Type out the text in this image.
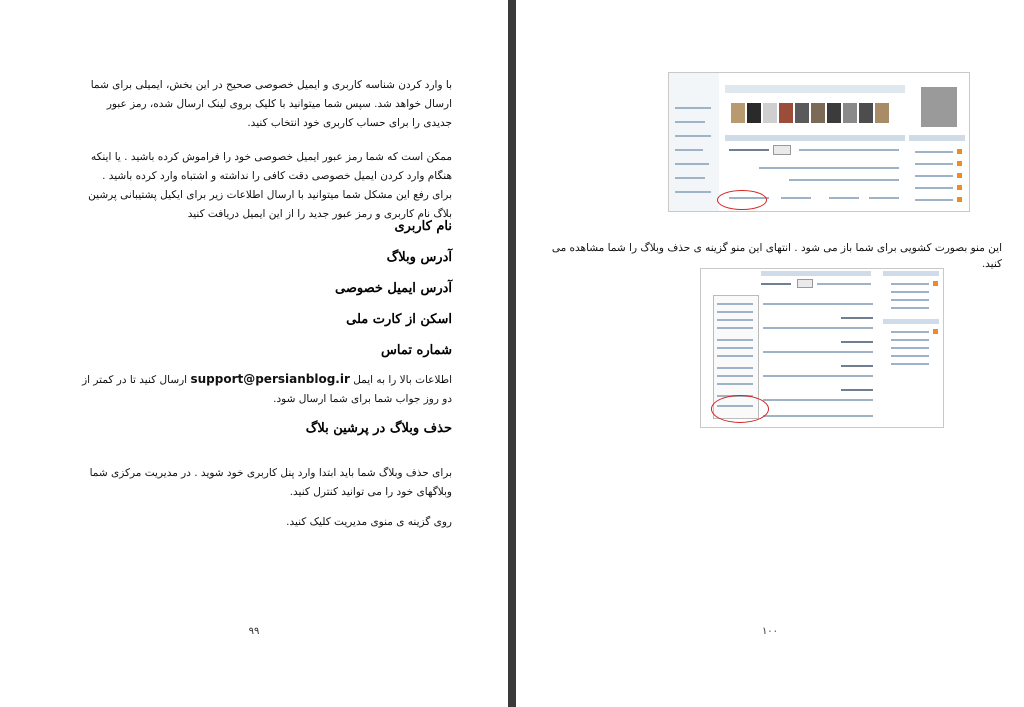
با وارد کردن شناسه کاربری و ایمیل خصوصی صحیح در این بخش، ایمیلی برای شما ارسال خواهد شد. سپس شما میتوانید با کلیک بروی لینک ارسال شده، رمز عبور جدیدی را برای حساب کاربری خود انتخاب کنید.
ممکن است که شما رمز عبور ایمیل خصوصی خود را فراموش کرده باشید . یا اینکه هنگام وارد کردن ایمیل خصوصی دقت کافی را نداشته و اشتباه وارد کرده باشید . برای رفع این مشکل شما میتوانید با ارسال اطلاعات زیر برای ایکیل پشتیبانی پرشین بلاگ نام کاربری و رمز عبور جدید را از این ایمیل دریافت کنید
نام کاربری
آدرس وبلاگ
آدرس ایمیل خصوصی
اسکن از کارت ملی
شماره تماس
اطلاعات بالا را به ایمل support@persianblog.ir ارسال کنید تا در کمتر از دو روز جواب شما برای شما ارسال شود.
حذف وبلاگ در پرشین بلاگ
برای حذف وبلاگ شما باید ابتدا وارد پنل کاربری خود شوید . در مدیریت مرکزی شما وبلاگهای خود را می توانید کنترل کنید.
روی گزینه ی منوی مدیریت کلیک کنید.
۹۹
این منو بصورت کشویی برای شما باز می شود . انتهای این منو گزینه ی حذف وبلاگ را شما مشاهده می کنید.
۱۰۰
